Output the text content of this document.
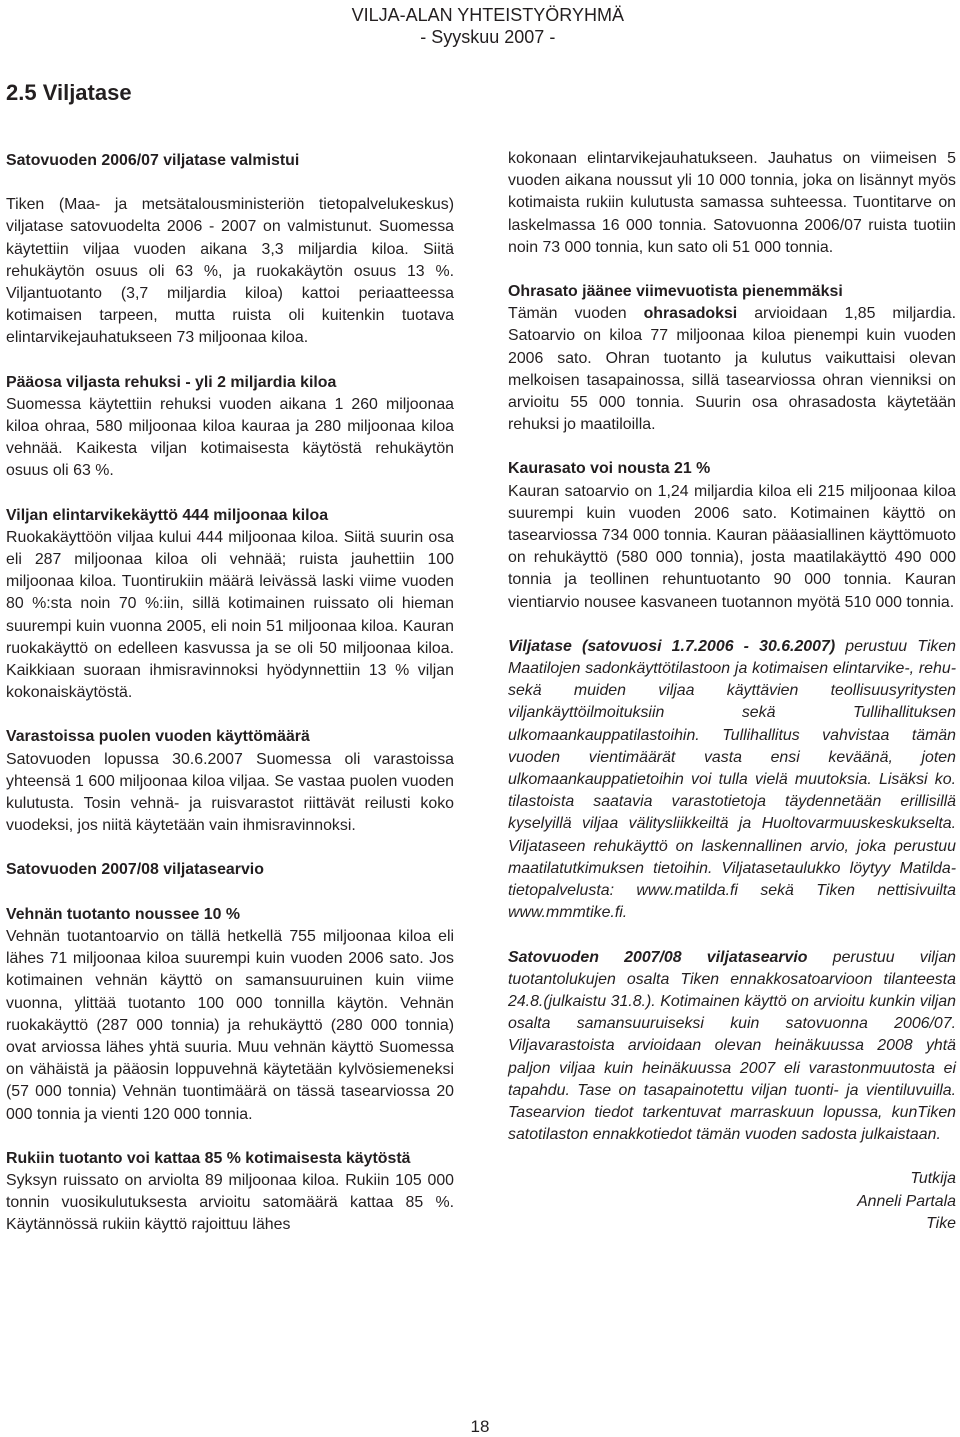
VILJA-ALAN YHTEISTYÖRYHMÄ
- Syyskuu 2007 -
2.5 Viljatase

Satovuoden 2006/07 viljatase valmistui

Tiken (Maa- ja metsätalousministeriön tietopalvelukeskus) viljatase satovuodelta 2006 - 2007 on valmistunut. Suomessa käytettiin viljaa vuoden aikana 3,3 miljardia kiloa. Siitä rehukäytön osuus oli 63 %, ja ruokakäytön osuus 13 %. Viljantuotanto (3,7 miljardia kiloa) kattoi periaatteessa kotimaisen tarpeen, mutta ruista oli kuitenkin tuotava elintarvikejauhatukseen 73 miljoonaa kiloa.

Pääosa viljasta rehuksi - yli 2 miljardia kiloa

Suomessa käytettiin rehuksi vuoden aikana 1 260 miljoonaa kiloa ohraa, 580 miljoonaa kiloa kauraa ja 280 miljoonaa kiloa vehnää. Kaikesta viljan kotimaisesta käytöstä rehukäytön osuus oli 63 %.

Viljan elintarvikekäyttö 444 miljoonaa kiloa

Ruokakäyttöön viljaa kului 444 miljoonaa kiloa. Siitä suurin osa eli 287 miljoonaa kiloa oli vehnää; ruista jauhettiin 100 miljoonaa kiloa. Tuontirukiin määrä leivässä laski viime vuoden 80 %:sta noin 70 %:iin, sillä kotimainen ruissato oli hieman suurempi kuin vuonna 2005, eli noin 51 miljoonaa kiloa. Kauran ruokakäyttö on edelleen kasvussa ja se oli 50 miljoonaa kiloa. Kaikkiaan suoraan ihmisravinnoksi hyödynnettiin 13 % viljan kokonaiskäytöstä.

Varastoissa puolen vuoden käyttömäärä

Satovuoden lopussa 30.6.2007 Suomessa oli varastoissa yhteensä 1 600 miljoonaa kiloa viljaa. Se vastaa puolen vuoden kulutusta. Tosin vehnä- ja ruisvarastot riittävät reilusti koko vuodeksi, jos niitä käytetään vain ihmisravinnoksi.

Satovuoden 2007/08 viljatasearvio

Vehnän tuotanto noussee 10 %

Vehnän tuotantoarvio on tällä hetkellä 755 miljoonaa kiloa eli lähes 71 miljoonaa kiloa suurempi kuin vuoden 2006 sato. Jos kotimainen vehnän käyttö on samansuuruinen kuin viime vuonna, ylittää tuotanto 100 000 tonnilla käytön. Vehnän ruokakäyttö (287 000 tonnia) ja rehukäyttö (280 000 tonnia) ovat arviossa lähes yhtä suuria. Muu vehnän käyttö Suomessa on vähäistä ja pääosin loppuvehnä käytetään kylvösiemeneksi (57 000 tonnia) Vehnän tuontimäärä on tässä tasearviossa 20 000 tonnia ja vienti 120 000 tonnia.

Rukiin tuotanto voi kattaa 85 % kotimaisesta käytöstä

Syksyn ruissato on arviolta 89 miljoonaa kiloa. Rukiin 105 000 tonnin vuosikulutuksesta arvioitu satomäärä kattaa 85 %. Käytännössä rukiin käyttö rajoittuu lähes

kokonaan elintarvikejauhatukseen. Jauhatus on viimeisen 5 vuoden aikana noussut yli 10 000 tonnia, joka on lisännyt myös kotimaista rukiin kulutusta samassa suhteessa. Tuontitarve on laskelmassa 16 000 tonnia. Satovuonna 2006/07 ruista tuotiin noin 73 000 tonnia, kun sato oli 51 000 tonnia.

Ohrasato jäänee viimevuotista pienemmäksi

Tämän vuoden ohrasadoksi arvioidaan 1,85 miljardia. Satoarvio on kiloa 77 miljoonaa kiloa pienempi kuin vuoden 2006 sato. Ohran tuotanto ja kulutus vaikuttaisi olevan melkoisen tasapainossa, sillä tasearviossa ohran vienniksi on arvioitu 55 000 tonnia. Suurin osa ohrasadosta käytetään rehuksi jo maatiloilla.

Kaurasato voi nousta 21 %

Kauran satoarvio on 1,24 miljardia kiloa eli 215 miljoonaa kiloa suurempi kuin vuoden 2006 sato. Kotimainen käyttö on tasearviossa 734 000 tonnia. Kauran pääasiallinen käyttömuoto on rehukäyttö (580 000 tonnia), josta maatilakäyttö 490 000 tonnia ja teollinen rehuntuotanto 90 000 tonnia. Kauran vientiarvio nousee kasvaneen tuotannon myötä 510 000 tonnia.

Viljatase (satovuosi 1.7.2006 - 30.6.2007) perustuu Tiken Maatilojen sadonkäyttötilastoon ja kotimaisen elintarvike-, rehu- sekä muiden viljaa käyttävien teollisuusyritysten viljankäyttöilmoituksiin sekä Tullihallituksen ulkomaankauppatilastoihin. Tullihallitus vahvistaa tämän vuoden vientimäärät vasta ensi keväänä, joten ulkomaankauppatietoihin voi tulla vielä muutoksia. Lisäksi ko. tilastoista saatavia varastotietoja täydennetään erillisillä kyselyillä viljaa välitysliikkeiltä ja Huoltovarmuuskeskukselta. Viljataseen rehukäyttö on laskennallinen arvio, joka perustuu maatilatutkimuksen tietoihin. Viljatasetaulukko löytyy Matilda-tietopalvelusta: www.matilda.fi sekä Tiken nettisivuilta www.mmmtike.fi.

Satovuoden 2007/08 viljatasearvio perustuu viljan tuotantolukujen osalta Tiken ennakkosatoarvioon tilanteesta 24.8.(julkaistu 31.8.). Kotimainen käyttö on arvioitu kunkin viljan osalta samansuuruiseksi kuin satovuonna 2006/07. Viljavarastoista arvioidaan olevan heinäkuussa 2008 yhtä paljon viljaa kuin heinäkuussa 2007 eli varastonmuutosta ei tapahdu. Tase on tasapainotettu viljan tuonti- ja vientiluvuilla. Tasearvion tiedot tarkentuvat marraskuun lopussa, kunTiken satotilaston ennakkotiedot tämän vuoden sadosta julkaistaan.

Tutkija
Anneli Partala
Tike
18
